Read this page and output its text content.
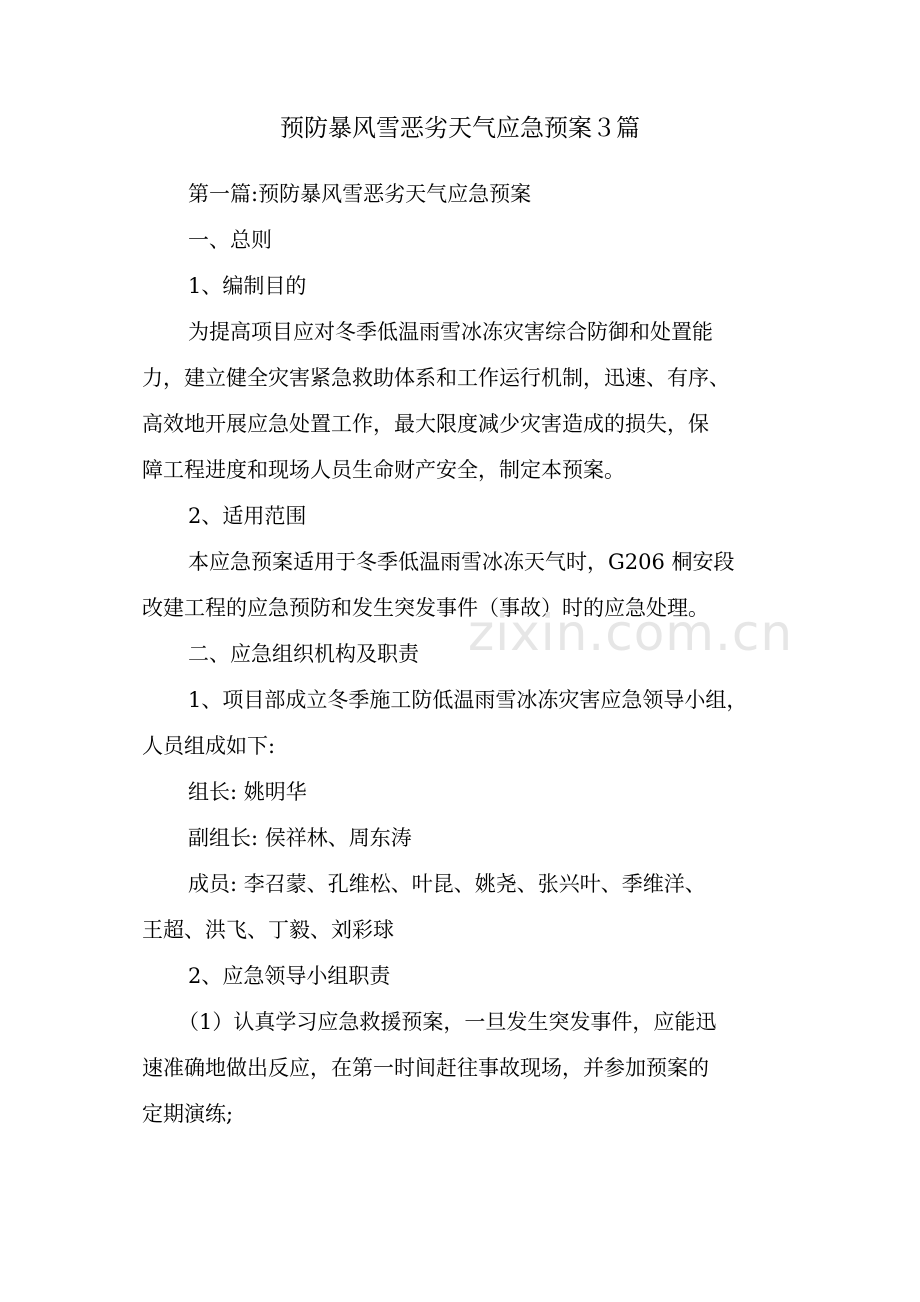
预防暴风雪恶劣天气应急预案３篇

第一篇:预防暴风雪恶劣天气应急预案

一、总则

1、编制目的

为提高项目应对冬季低温雨雪冰冻灾害综合防御和处置能

力，建立健全灾害紧急救助体系和工作运行机制，迅速、有序、

高效地开展应急处置工作，最大限度减少灾害造成的损失，保

障工程进度和现场人员生命财产安全，制定本预案。

2、适用范围

本应急预案适用于冬季低温雨雪冰冻天气时，G206 桐安段

改建工程的应急预防和发生突发事件（事故）时的应急处理。

二、应急组织机构及职责

1、项目部成立冬季施工防低温雨雪冰冻灾害应急领导小组，

人员组成如下:

组长: 姚明华

副组长: 侯祥林、周东涛

成员: 李召蒙、孔维松、叶昆、姚尧、张兴叶、季维洋、

王超、洪飞、丁毅、刘彩球

2、应急领导小组职责

（1）认真学习应急救援预案，一旦发生突发事件，应能迅

速准确地做出反应，在第一时间赶往事故现场，并参加预案的

定期演练;

zixin.com.cn
